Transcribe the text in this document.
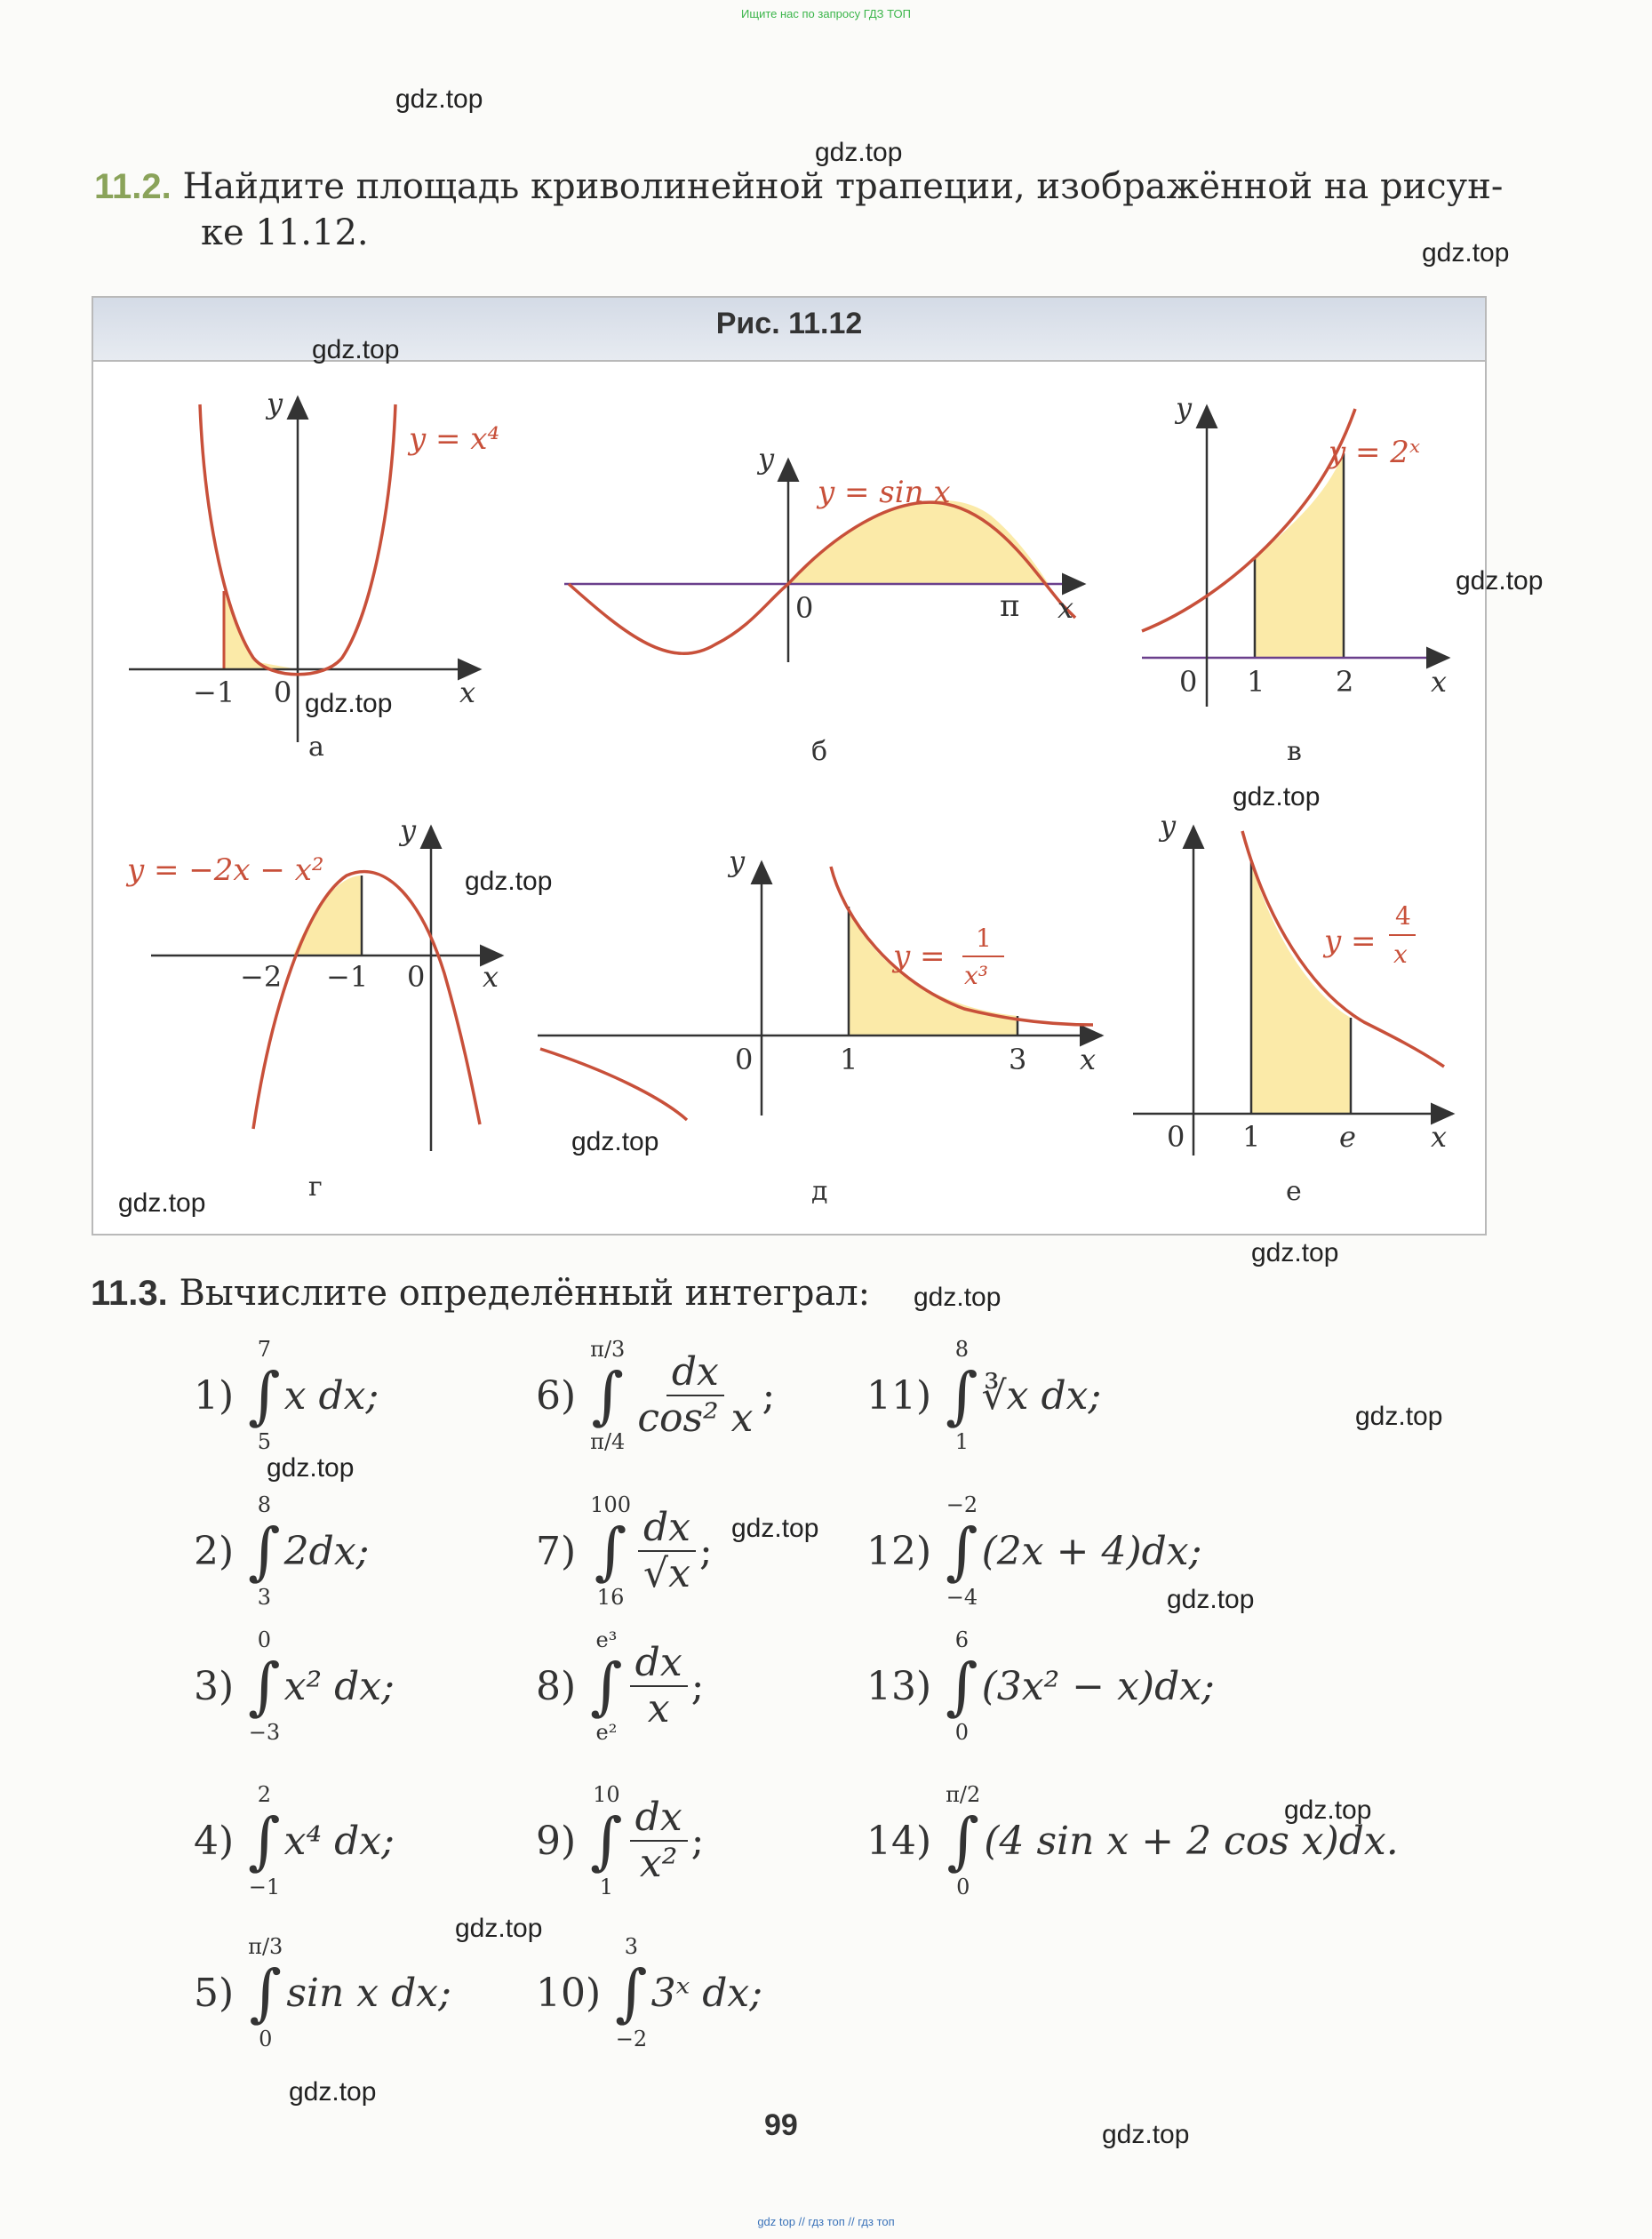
Ищите нас по запросу ГДЗ ТОП
gdz.top
gdz.top
gdz.top
11.2. Найдите площадь криволинейной трапеции, изображённой на рисун-
ке 11.12.
Рис. 11.12
−1 0	x
y
y = x⁴
а
0	π x
y
y = sin x
б
0 1 2	x
y
y = 2ˣ
в
−2 −1 0 x
y
y = −2x − x²
г
0	1	3 x
y
y =
1
x³
д
0 1	e	x
y
y =
4
x
е
gdz.top
gdz.top
gdz.top
gdz.top
gdz.top
gdz.top
gdz.top
gdz.top
11.3. Вычислите определённый интеграл: gdz.top
1)
7
∫
5
x dx;
2)
8
∫
3
2dx;
3)
0
∫
−3
x² dx;
4)
2
∫
−1
x⁴ dx;
5)
π/3
∫
0
sin x dx;
6)
π/3
∫
π/4
$\frac{dx}{\text{cos² x}}$ ;
7)
100
∫
16
$\frac{dx}{√x}$ ;
8)
e³
∫
e²
$\frac{dx}{x}$ ;
9)
10
∫
1
$\frac{dx}{\text{x²}}$ ;
10)
3
∫
−2
3ˣ dx;
11)
8
∫
1
∛x dx;
12)
−2
∫
−4
(2x + 4)dx;
13)
6
∫
0
(3x² − x)dx;
14)
π/2
∫
0
(4 sin x + 2 cos x)dx.
gdz.top
gdz.top
gdz.top
gdz.top
gdz.top
gdz.top
gdz.top
gdz.top
99
gdz top // гдз топ // гдз топ
